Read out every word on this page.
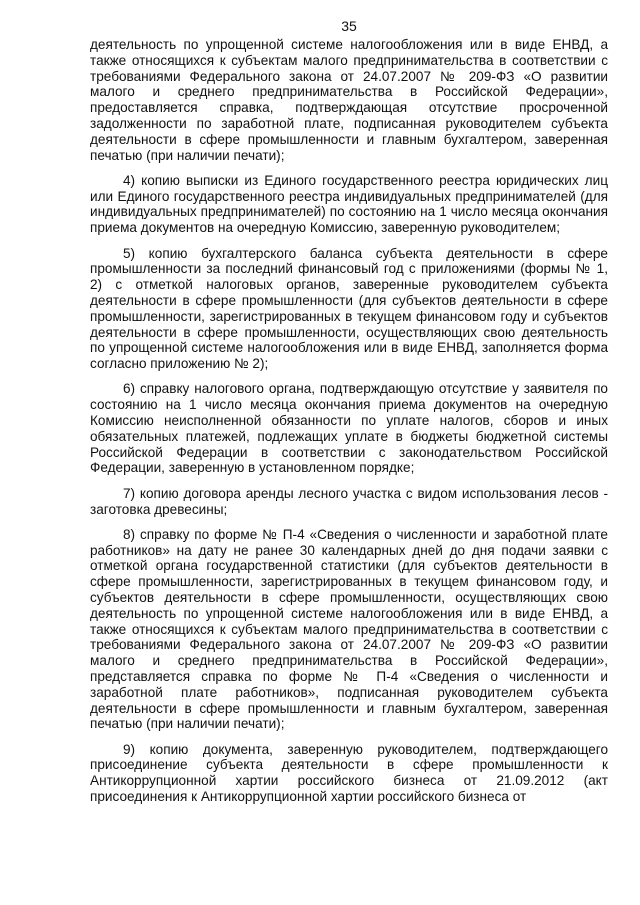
35

деятельность по упрощенной системе налогообложения или в виде ЕНВД, а также относящихся к субъектам малого предпринимательства в соответствии с требованиями Федерального закона от 24.07.2007 № 209-ФЗ «О развитии малого и среднего предпринимательства в Российской Федерации», предоставляется справка, подтверждающая отсутствие просроченной задолженности по заработной плате, подписанная руководителем субъекта деятельности в сфере промышленности и главным бухгалтером, заверенная печатью (при наличии печати);

4) копию выписки из Единого государственного реестра юридических лиц или Единого государственного реестра индивидуальных предпринимателей (для индивидуальных предпринимателей) по состоянию на 1 число месяца окончания приема документов на очередную Комиссию, заверенную руководителем;

5) копию бухгалтерского баланса субъекта деятельности в сфере промышленности за последний финансовый год с приложениями (формы № 1, 2) с отметкой налоговых органов, заверенные руководителем субъекта деятельности в сфере промышленности (для субъектов деятельности в сфере промышленности, зарегистрированных в текущем финансовом году и субъектов деятельности в сфере промышленности, осуществляющих свою деятельность по упрощенной системе налогообложения или в виде ЕНВД, заполняется форма согласно приложению № 2);

6) справку налогового органа, подтверждающую отсутствие у заявителя по состоянию на 1 число месяца окончания приема документов на очередную Комиссию неисполненной обязанности по уплате налогов, сборов и иных обязательных платежей, подлежащих уплате в бюджеты бюджетной системы Российской Федерации в соответствии с законодательством Российской Федерации, заверенную в установленном порядке;

7) копию договора аренды лесного участка с видом использования лесов - заготовка древесины;

8) справку по форме № П-4 «Сведения о численности и заработной плате работников» на дату не ранее 30 календарных дней до дня подачи заявки с отметкой органа государственной статистики (для субъектов деятельности в сфере промышленности, зарегистрированных в текущем финансовом году, и субъектов деятельности в сфере промышленности, осуществляющих свою деятельность по упрощенной системе налогообложения или в виде ЕНВД, а также относящихся к субъектам малого предпринимательства в соответствии с требованиями Федерального закона от 24.07.2007 № 209-ФЗ «О развитии малого и среднего предпринимательства в Российской Федерации», представляется справка по форме № П-4 «Сведения о численности и заработной плате работников», подписанная руководителем субъекта деятельности в сфере промышленности и главным бухгалтером, заверенная печатью (при наличии печати);

9) копию документа, заверенную руководителем, подтверждающего присоединение субъекта деятельности в сфере промышленности к Антикоррупционной хартии российского бизнеса от 21.09.2012 (акт присоединения к Антикоррупционной хартии российского бизнеса от
